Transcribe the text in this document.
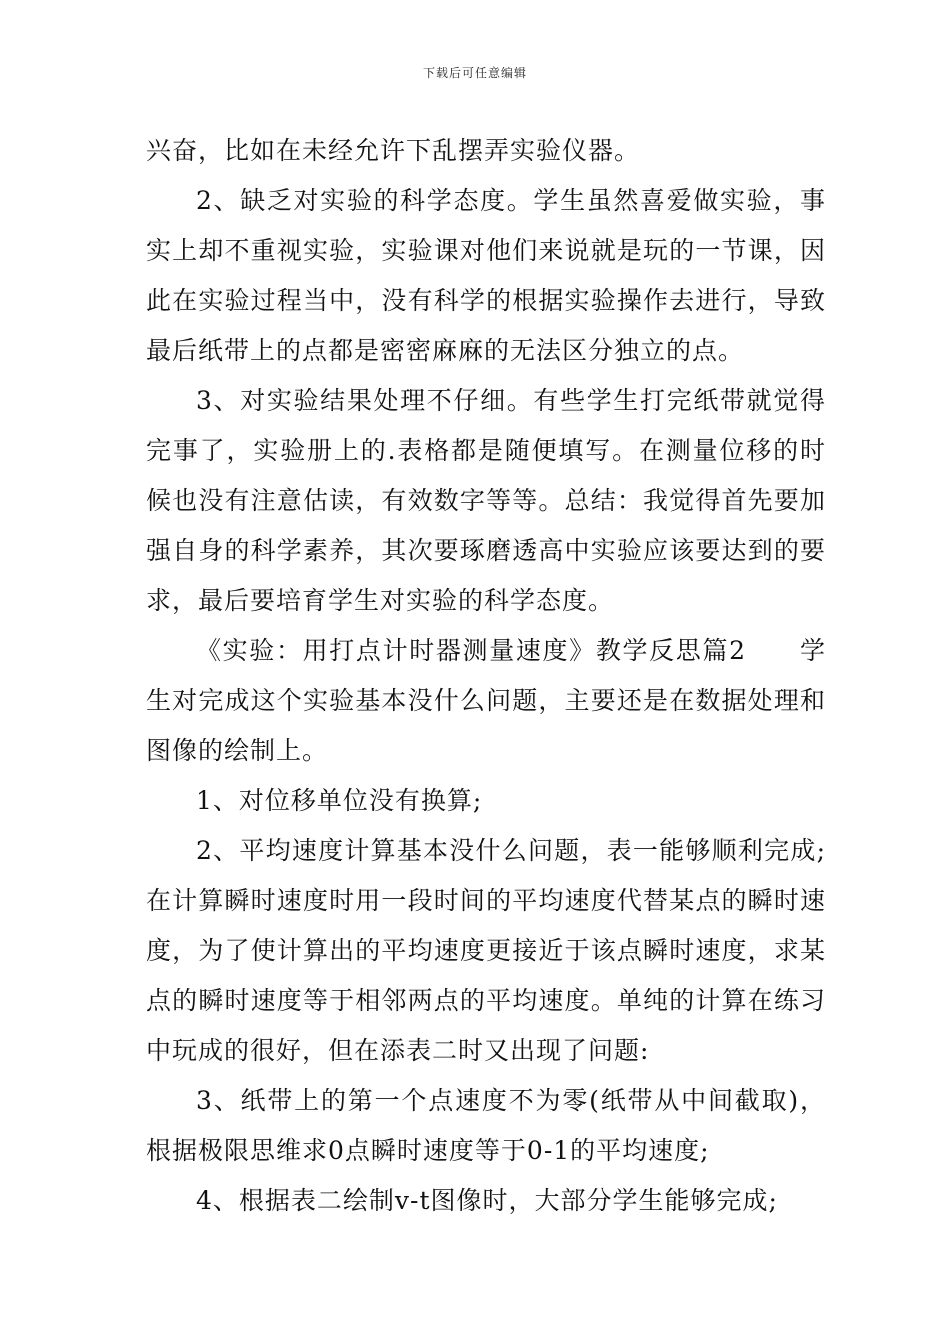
下载后可任意编辑

兴奋，比如在未经允许下乱摆弄实验仪器。

2、缺乏对实验的科学态度。学生虽然喜爱做实验，事实上却不重视实验，实验课对他们来说就是玩的一节课，因此在实验过程当中，没有科学的根据实验操作去进行，导致最后纸带上的点都是密密麻麻的无法区分独立的点。

3、对实验结果处理不仔细。有些学生打完纸带就觉得完事了，实验册上的.表格都是随便填写。在测量位移的时候也没有注意估读，有效数字等等。总结：我觉得首先要加强自身的科学素养，其次要琢磨透高中实验应该要达到的要求，最后要培育学生对实验的科学态度。

《实验：用打点计时器测量速度》教学反思篇2　　学生对完成这个实验基本没什么问题，主要还是在数据处理和图像的绘制上。

1、对位移单位没有换算;

2、平均速度计算基本没什么问题，表一能够顺利完成;在计算瞬时速度时用一段时间的平均速度代替某点的瞬时速度，为了使计算出的平均速度更接近于该点瞬时速度，求某点的瞬时速度等于相邻两点的平均速度。单纯的计算在练习中玩成的很好，但在添表二时又出现了问题:

3、纸带上的第一个点速度不为零(纸带从中间截取)，根据极限思维求0点瞬时速度等于0-1的平均速度;

4、根据表二绘制v-t图像时，大部分学生能够完成;
